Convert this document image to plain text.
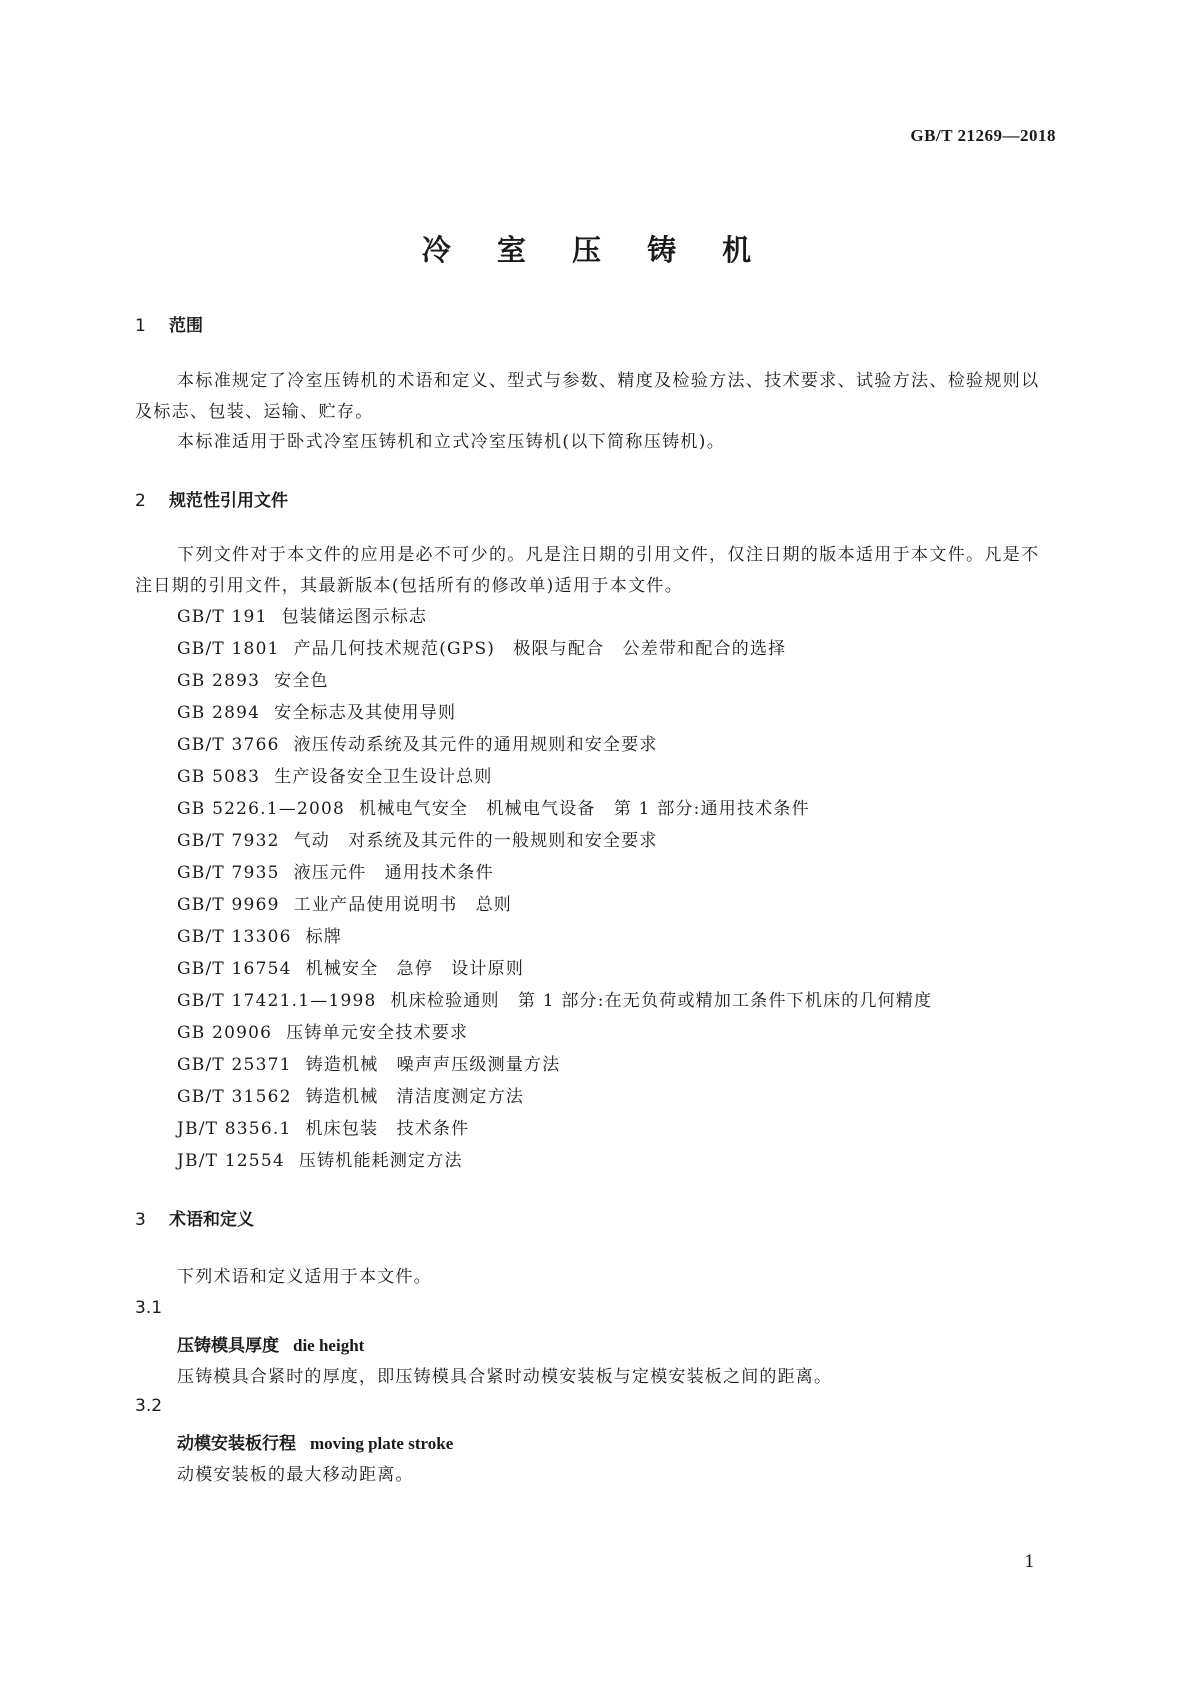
GB/T 21269—2018
冷 室 压 铸 机
1 范围
本标准规定了冷室压铸机的术语和定义、型式与参数、精度及检验方法、技术要求、试验方法、检验规则以及标志、包装、运输、贮存。
本标准适用于卧式冷室压铸机和立式冷室压铸机(以下简称压铸机)。
2 规范性引用文件
下列文件对于本文件的应用是必不可少的。凡是注日期的引用文件，仅注日期的版本适用于本文件。凡是不注日期的引用文件，其最新版本(包括所有的修改单)适用于本文件。
GB/T 191 包装储运图示标志
GB/T 1801 产品几何技术规范(GPS)　极限与配合　公差带和配合的选择
GB 2893 安全色
GB 2894 安全标志及其使用导则
GB/T 3766 液压传动系统及其元件的通用规则和安全要求
GB 5083 生产设备安全卫生设计总则
GB 5226.1—2008 机械电气安全　机械电气设备　第 1 部分:通用技术条件
GB/T 7932 气动　对系统及其元件的一般规则和安全要求
GB/T 7935 液压元件　通用技术条件
GB/T 9969 工业产品使用说明书　总则
GB/T 13306 标牌
GB/T 16754 机械安全　急停　设计原则
GB/T 17421.1—1998 机床检验通则　第 1 部分:在无负荷或精加工条件下机床的几何精度
GB 20906 压铸单元安全技术要求
GB/T 25371 铸造机械　噪声声压级测量方法
GB/T 31562 铸造机械　清洁度测定方法
JB/T 8356.1 机床包装　技术条件
JB/T 12554 压铸机能耗测定方法
3 术语和定义
下列术语和定义适用于本文件。
3.1
压铸模具厚度 die height
压铸模具合紧时的厚度，即压铸模具合紧时动模安装板与定模安装板之间的距离。
3.2
动模安装板行程 moving plate stroke
动模安装板的最大移动距离。
1
